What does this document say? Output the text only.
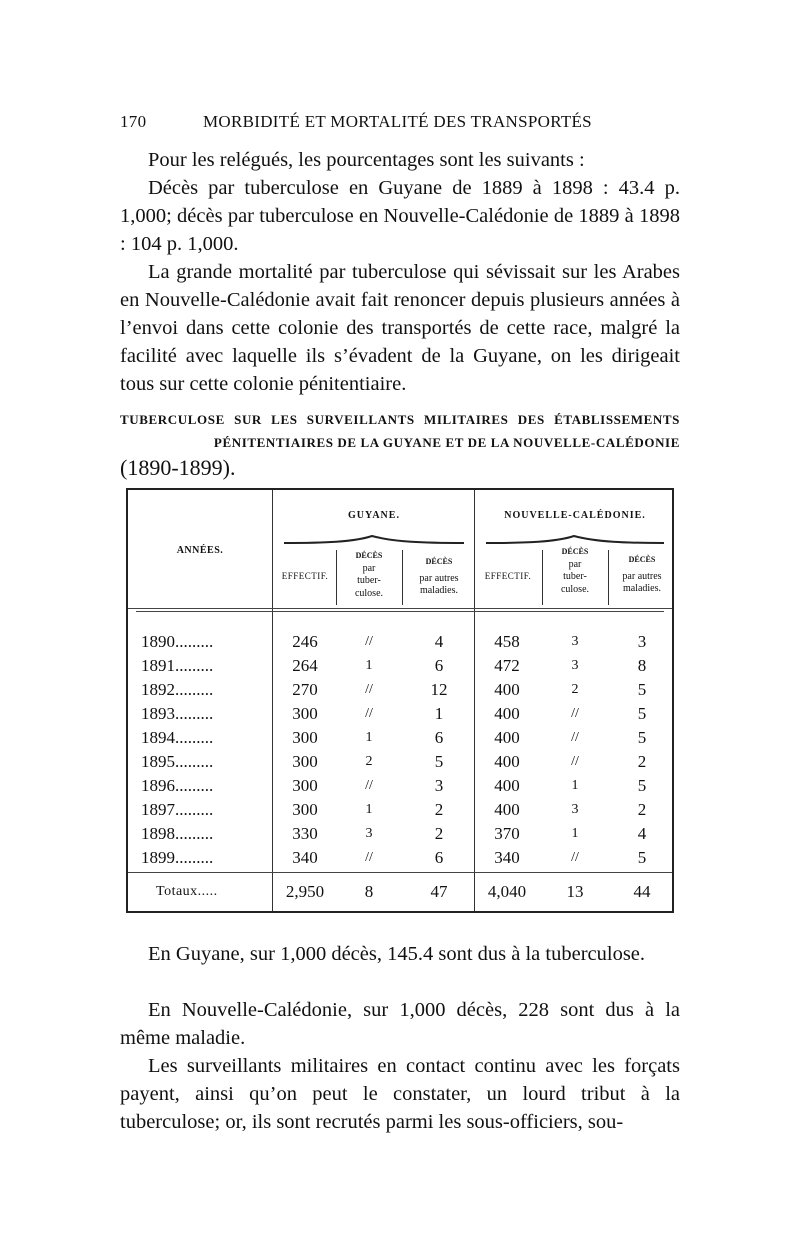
170	MORBIDITÉ ET MORTALITÉ DES TRANSPORTÉS

Pour les relégués, les pourcentages sont les suivants :

Décès par tuberculose en Guyane de 1889 à 1898 : 43.4 p. 1,000; décès par tuberculose en Nouvelle-Calédonie de 1889 à 1898 : 104 p. 1,000.

La grande mortalité par tuberculose qui sévissait sur les Arabes en Nouvelle-Calédonie avait fait renoncer depuis plusieurs années à l’envoi dans cette colonie des transportés de cette race, malgré la facilité avec laquelle ils s’évadent de la Guyane, on les dirigeait tous sur cette colonie pénitentiaire.

TUBERCULOSE SUR LES SURVEILLANTS MILITAIRES DES ÉTABLISSEMENTS
PÉNITENTIAIRES DE LA GUYANE ET DE LA NOUVELLE-CALÉDONIE
(1890-1899).
GUYANE.	NOUVELLE-CALÉDONIE.
ANNÉES.
EFFECTIF.
DÉCÈS
par
tuber-
culose.
DÉCÈS
par autres
maladies.
EFFECTIF.
DÉCÈS
par
tuber-
culose.
DÉCÈS
par autres
maladies.
1890.........	246	//	4	458	3	3
1891.........	264	1	6	472	3	8
1892.........	270	//	12	400	2	5
1893.........	300	//	1	400	//	5
1894.........	300	1	6	400	//	5
1895.........	300	2	5	400	//	2
1896.........	300	//	3	400	1	5
1897.........	300	1	2	400	3	2
1898.........	330	3	2	370	1	4
1899.........	340	//	6	340	//	5
Totaux.....	2,950	8	47	4,040	13	44

En Guyane, sur 1,000 décès, 145.4 sont dus à la tuberculose.

En Nouvelle-Calédonie, sur 1,000 décès, 228 sont dus à la même maladie.

Les surveillants militaires en contact continu avec les forçats payent, ainsi qu’on peut le constater, un lourd tribut à la tuberculose; or, ils sont recrutés parmi les sous-officiers, sou-
